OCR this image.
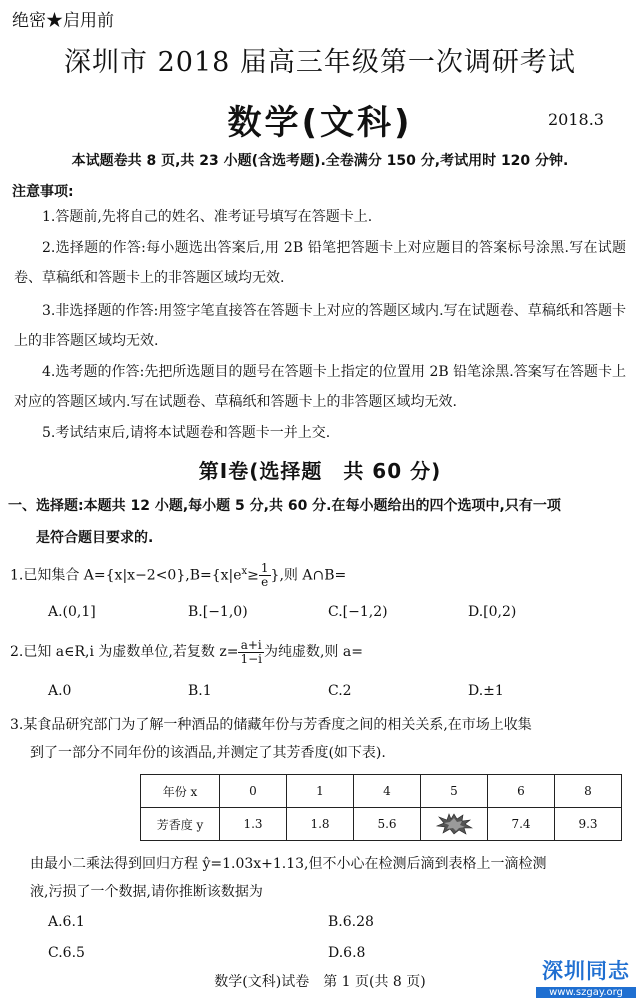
绝密★启用前
深圳市 2018 届高三年级第一次调研考试
数学(文科)	2018.3
本试题卷共 8 页,共 23 小题(含选考题).全卷满分 150 分,考试用时 120 分钟.
注意事项:
1.答题前,先将自己的姓名、准考证号填写在答题卡上.
2.选择题的作答:每小题选出答案后,用 2B 铅笔把答题卡上对应题目的答案标号涂黑.写在试题卷、草稿纸和答题卡上的非答题区域均无效.
3.非选择题的作答:用签字笔直接答在答题卡上对应的答题区域内.写在试题卷、草稿纸和答题卡上的非答题区域均无效.
4.选考题的作答:先把所选题目的题号在答题卡上指定的位置用 2B 铅笔涂黑.答案写在答题卡上对应的答题区域内.写在试题卷、草稿纸和答题卡上的非答题区域均无效.
5.考试结束后,请将本试题卷和答题卡一并上交.
第Ⅰ卷(选择题　共 60 分)
一、选择题:本题共 12 小题,每小题 5 分,共 60 分.在每小题给出的四个选项中,只有一项
是符合题目要求的.
1.已知集合 $A=\{x|x-2<0\},B=\{x|e^x\ge \frac{1}{e}$ },则 A∩B=
A.(0,1]	B.[−1,0)	C.[−1,2)	D.[0,2)
2.已知 a∈R,i 为虚数单位,若复数 $z= \frac{a+i}{1-i}$ 为纯虚数,则 a=
A.0	B.1	C.2	D.±1
3.某食品研究部门为了解一种酒品的储藏年份与芳香度之间的相关关系,在市场上收集
到了一部分不同年份的该酒品,并测定了其芳香度(如下表).
年份 x	0	1	4	5	6	8
芳香度 y	1.3	1.8	5.6		7.4	9.3
由最小二乘法得到回归方程 ŷ=1.03x+1.13,但不小心在检测后滴到表格上一滴检测
液,污损了一个数据,请你推断该数据为
A.6.1	B.6.28
C.6.5	D.6.8
数学(文科)试卷　第 1 页(共 8 页)	深圳同志
www.szgay.org
